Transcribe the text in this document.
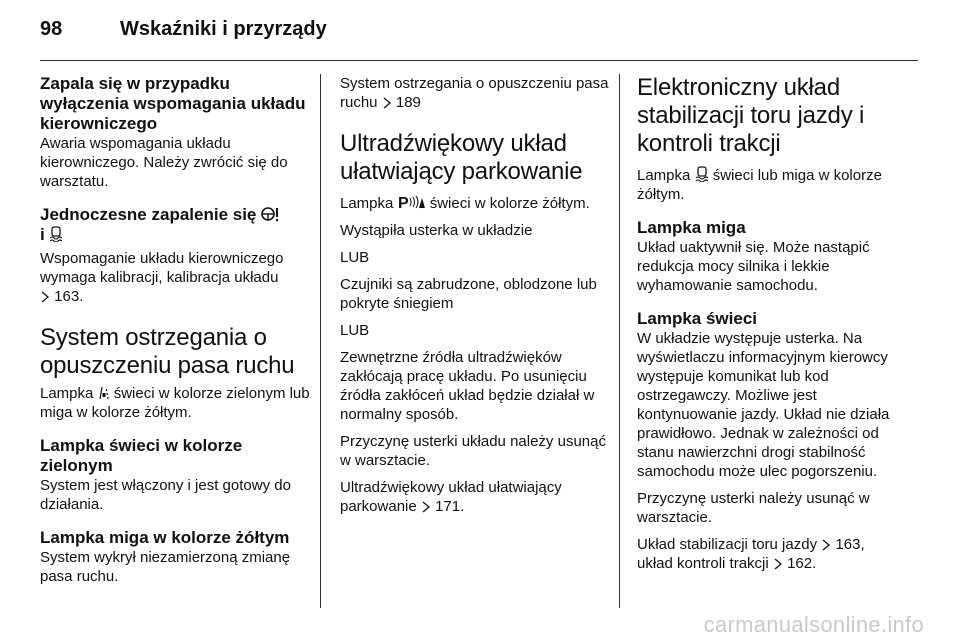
98	Wskaźniki i przyrządy

Zapala się w przypadku wyłączenia wspomagania układu kierowniczego

Awaria wspomagania układu kierowniczego. Należy zwrócić się do warsztatu.

Jednoczesne zapalenie się
i

Wspomaganie układu kierowniczego wymaga kalibracji, kalibracja układu
163.

System ostrzegania o opuszczeniu pasa ruchu

Lampka świeci w kolorze zielonym lub miga w kolorze żółtym.

Lampka świeci w kolorze zielonym

System jest włączony i jest gotowy do działania.

Lampka miga w kolorze żółtym

System wykrył niezamierzoną zmianę pasa ruchu.

System ostrzegania o opuszczeniu pasa ruchu 189

Ultradźwiękowy układ ułatwiający parkowanie

Lampka P świeci w kolorze żółtym.

Wystąpiła usterka w układzie

LUB

Czujniki są zabrudzone, oblodzone lub pokryte śniegiem

LUB

Zewnętrzne źródła ultradźwięków zakłócają pracę układu. Po usunięciu źródła zakłóceń układ będzie działał w normalny sposób.

Przyczynę usterki układu należy usunąć w warsztacie.

Ultradźwiękowy układ ułatwiający parkowanie 171.

Elektroniczny układ stabilizacji toru jazdy i kontroli trakcji

Lampka świeci lub miga w kolorze żółtym.

Lampka miga

Układ uaktywnił się. Może nastąpić redukcja mocy silnika i lekkie wyhamowanie samochodu.

Lampka świeci

W układzie występuje usterka. Na wyświetlaczu informacyjnym kierowcy występuje komunikat lub kod ostrzegawczy. Możliwe jest kontynuowanie jazdy. Układ nie działa prawidłowo. Jednak w zależności od stanu nawierzchni drogi stabilność samochodu może ulec pogorszeniu.

Przyczynę usterki należy usunąć w warsztacie.

Układ stabilizacji toru jazdy 163,
układ kontroli trakcji 162.

carmanualsonline.info
